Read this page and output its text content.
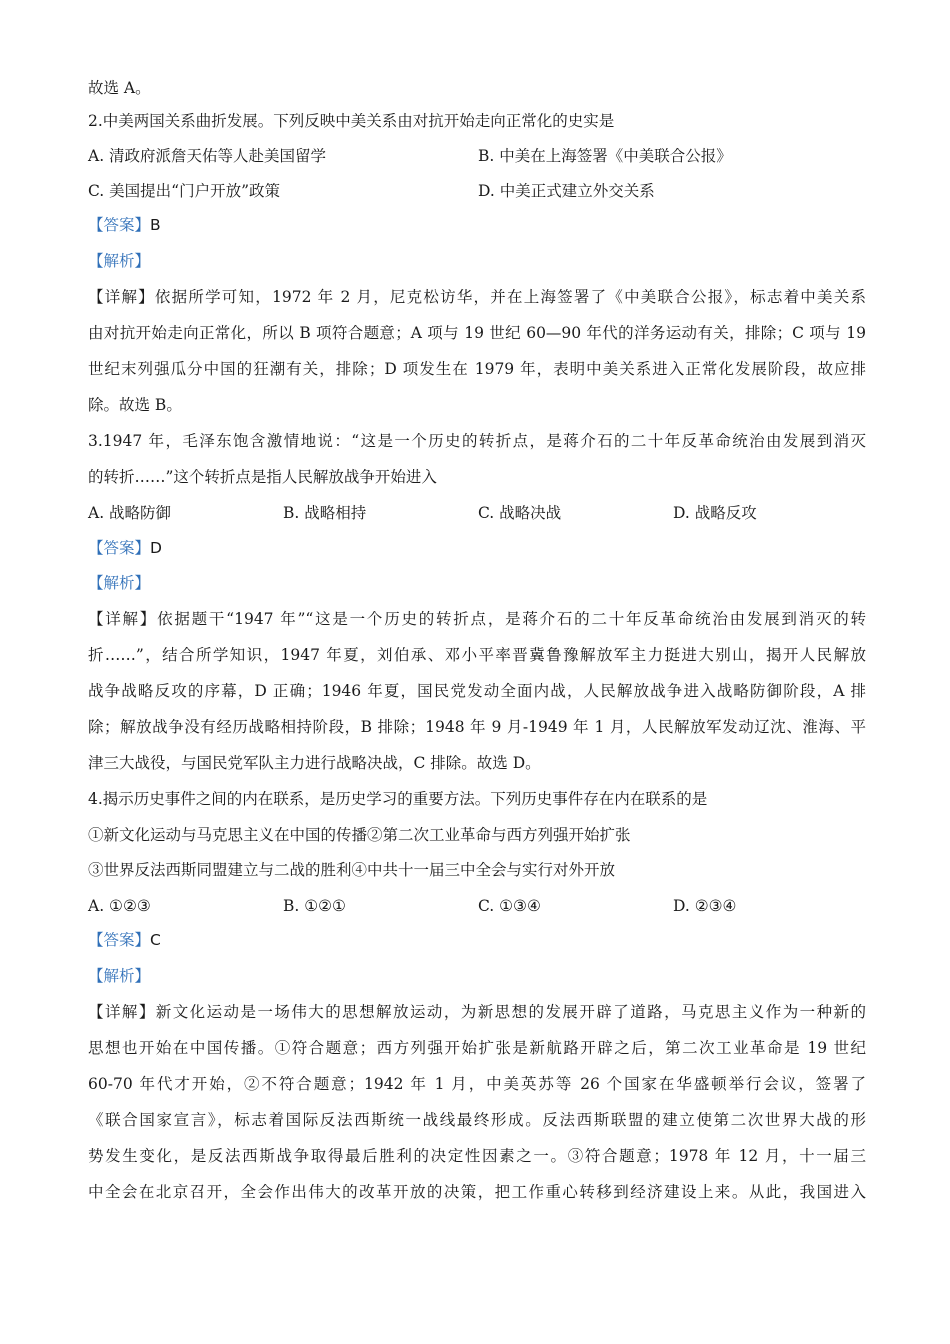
故选 A。
2.中美两国关系曲折发展。下列反映中美关系由对抗开始走向正常化的史实是
A. 清政府派詹天佑等人赴美国留学	B. 中美在上海签署《中美联合公报》
C. 美国提出“门户开放”政策	D. 中美正式建立外交关系
【答案】B
【解析】
【详解】依据所学可知，1972 年 2 月，尼克松访华，并在上海签署了《中美联合公报》，标志着中美关系
由对抗开始走向正常化，所以 B 项符合题意；A 项与 19 世纪 60—90 年代的洋务运动有关，排除；C 项与 19
世纪末列强瓜分中国的狂潮有关，排除；D 项发生在 1979 年，表明中美关系进入正常化发展阶段，故应排
除。故选 B。
3.1947 年，毛泽东饱含激情地说：“这是一个历史的转折点，是蒋介石的二十年反革命统治由发展到消灭
的转折……”这个转折点是指人民解放战争开始进入
A. 战略防御	B. 战略相持	C. 战略决战	D. 战略反攻
【答案】D
【解析】
【详解】依据题干“1947 年”“这是一个历史的转折点，是蒋介石的二十年反革命统治由发展到消灭的转
折……”，结合所学知识，1947 年夏，刘伯承、邓小平率晋冀鲁豫解放军主力挺进大别山，揭开人民解放
战争战略反攻的序幕，D 正确；1946 年夏，国民党发动全面内战，人民解放战争进入战略防御阶段，A 排
除；解放战争没有经历战略相持阶段，B 排除；1948 年 9 月-1949 年 1 月，人民解放军发动辽沈、淮海、平
津三大战役，与国民党军队主力进行战略决战，C 排除。故选 D。
4.揭示历史事件之间的内在联系，是历史学习的重要方法。下列历史事件存在内在联系的是
①新文化运动与马克思主义在中国的传播②第二次工业革命与西方列强开始扩张
③世界反法西斯同盟建立与二战的胜利④中共十一届三中全会与实行对外开放
A. ①②③	B. ①②①	C. ①③④	D. ②③④
【答案】C
【解析】
【详解】新文化运动是一场伟大的思想解放运动，为新思想的发展开辟了道路，马克思主义作为一种新的
思想也开始在中国传播。①符合题意；西方列强开始扩张是新航路开辟之后，第二次工业革命是 19 世纪
60-70 年代才开始，②不符合题意；1942 年 1 月，中美英苏等 26 个国家在华盛顿举行会议，签署了
《联合国家宣言》，标志着国际反法西斯统一战线最终形成。反法西斯联盟的建立使第二次世界大战的形
势发生变化，是反法西斯战争取得最后胜利的决定性因素之一。③符合题意；1978 年 12 月，十一届三
中全会在北京召开，全会作出伟大的改革开放的决策，把工作重心转移到经济建设上来。从此，我国进入
